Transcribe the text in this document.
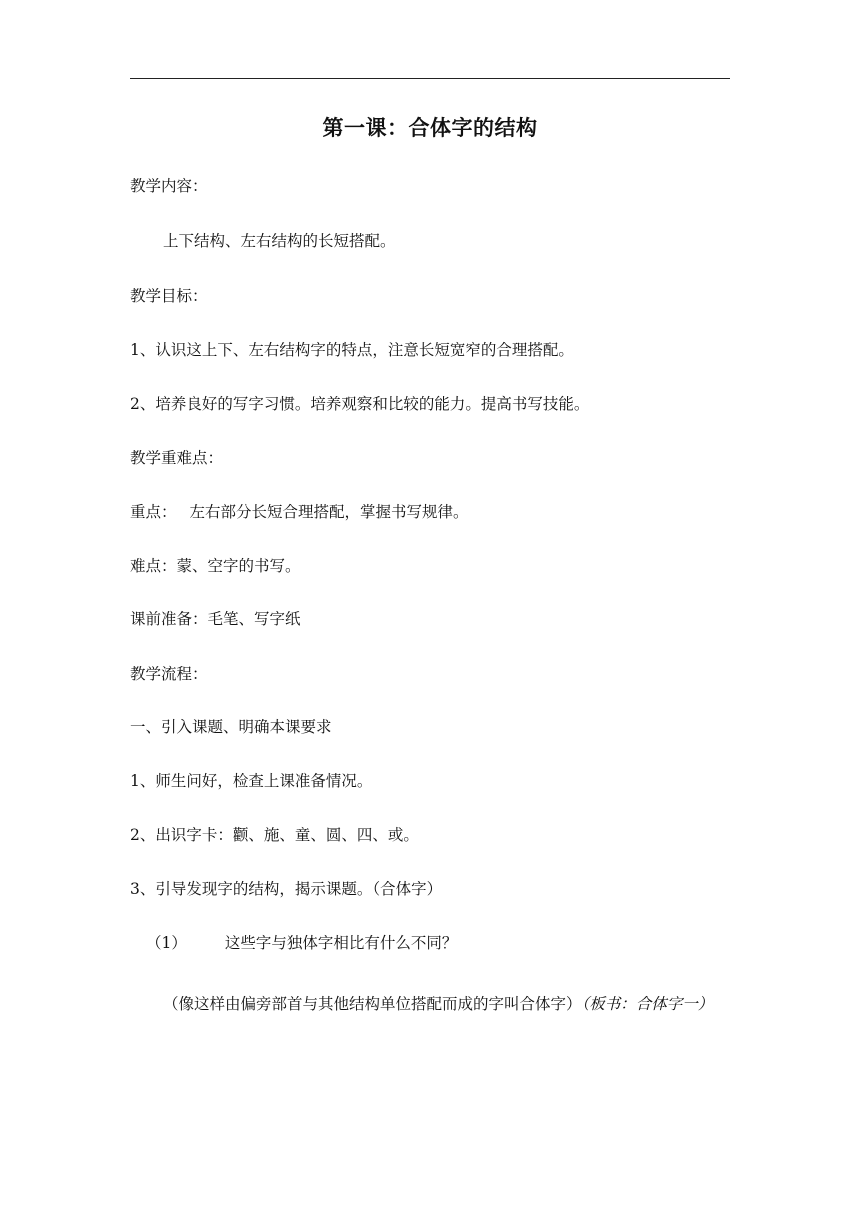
第一课：合体字的结构
教学内容：
上下结构、左右结构的长短搭配。
教学目标：
1、认识这上下、左右结构字的特点，注意长短宽窄的合理搭配。
2、培养良好的写字习惯。培养观察和比较的能力。提高书写技能。
教学重难点：
重点： 左右部分长短合理搭配，掌握书写规律。
难点：蒙、空字的书写。
课前准备：毛笔、写字纸
教学流程：
一、引入课题、明确本课要求
1、师生问好，检查上课准备情况。
2、出识字卡：颧、施、童、圆、四、或。
3、引导发现字的结构，揭示课题。（合体字）
（1） 这些字与独体字相比有什么不同？
（像这样由偏旁部首与其他结构单位搭配而成的字叫合体字）（板书：合体字一）
